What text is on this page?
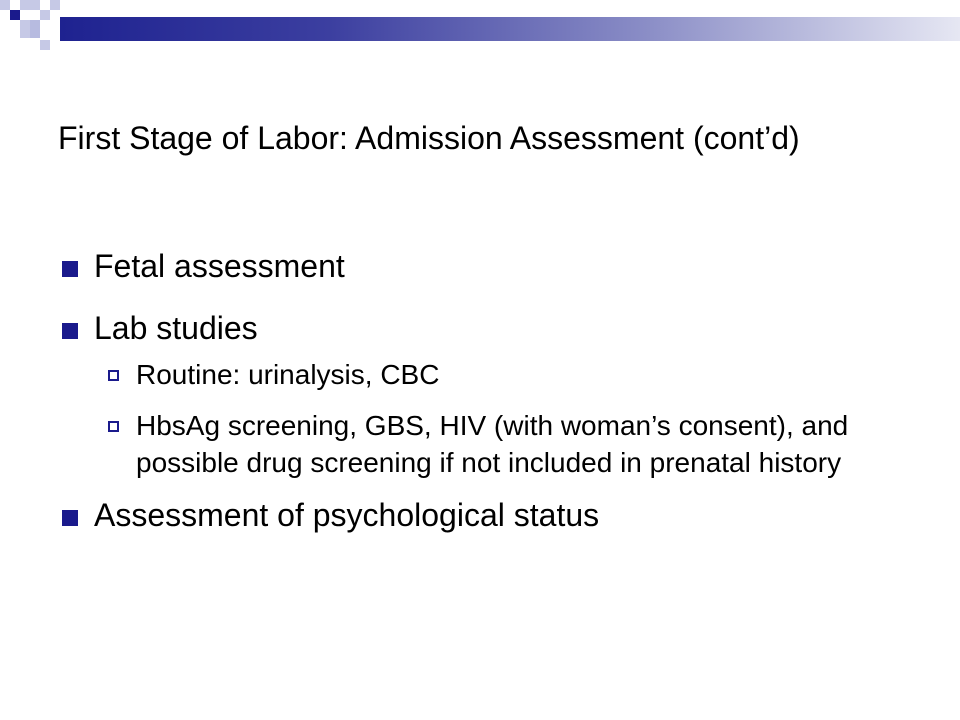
First Stage of Labor: Admission Assessment (cont’d)
Fetal assessment
Lab studies
Routine: urinalysis, CBC
HbsAg screening, GBS, HIV (with woman’s consent), and possible drug screening if not included in prenatal history
Assessment of psychological status
